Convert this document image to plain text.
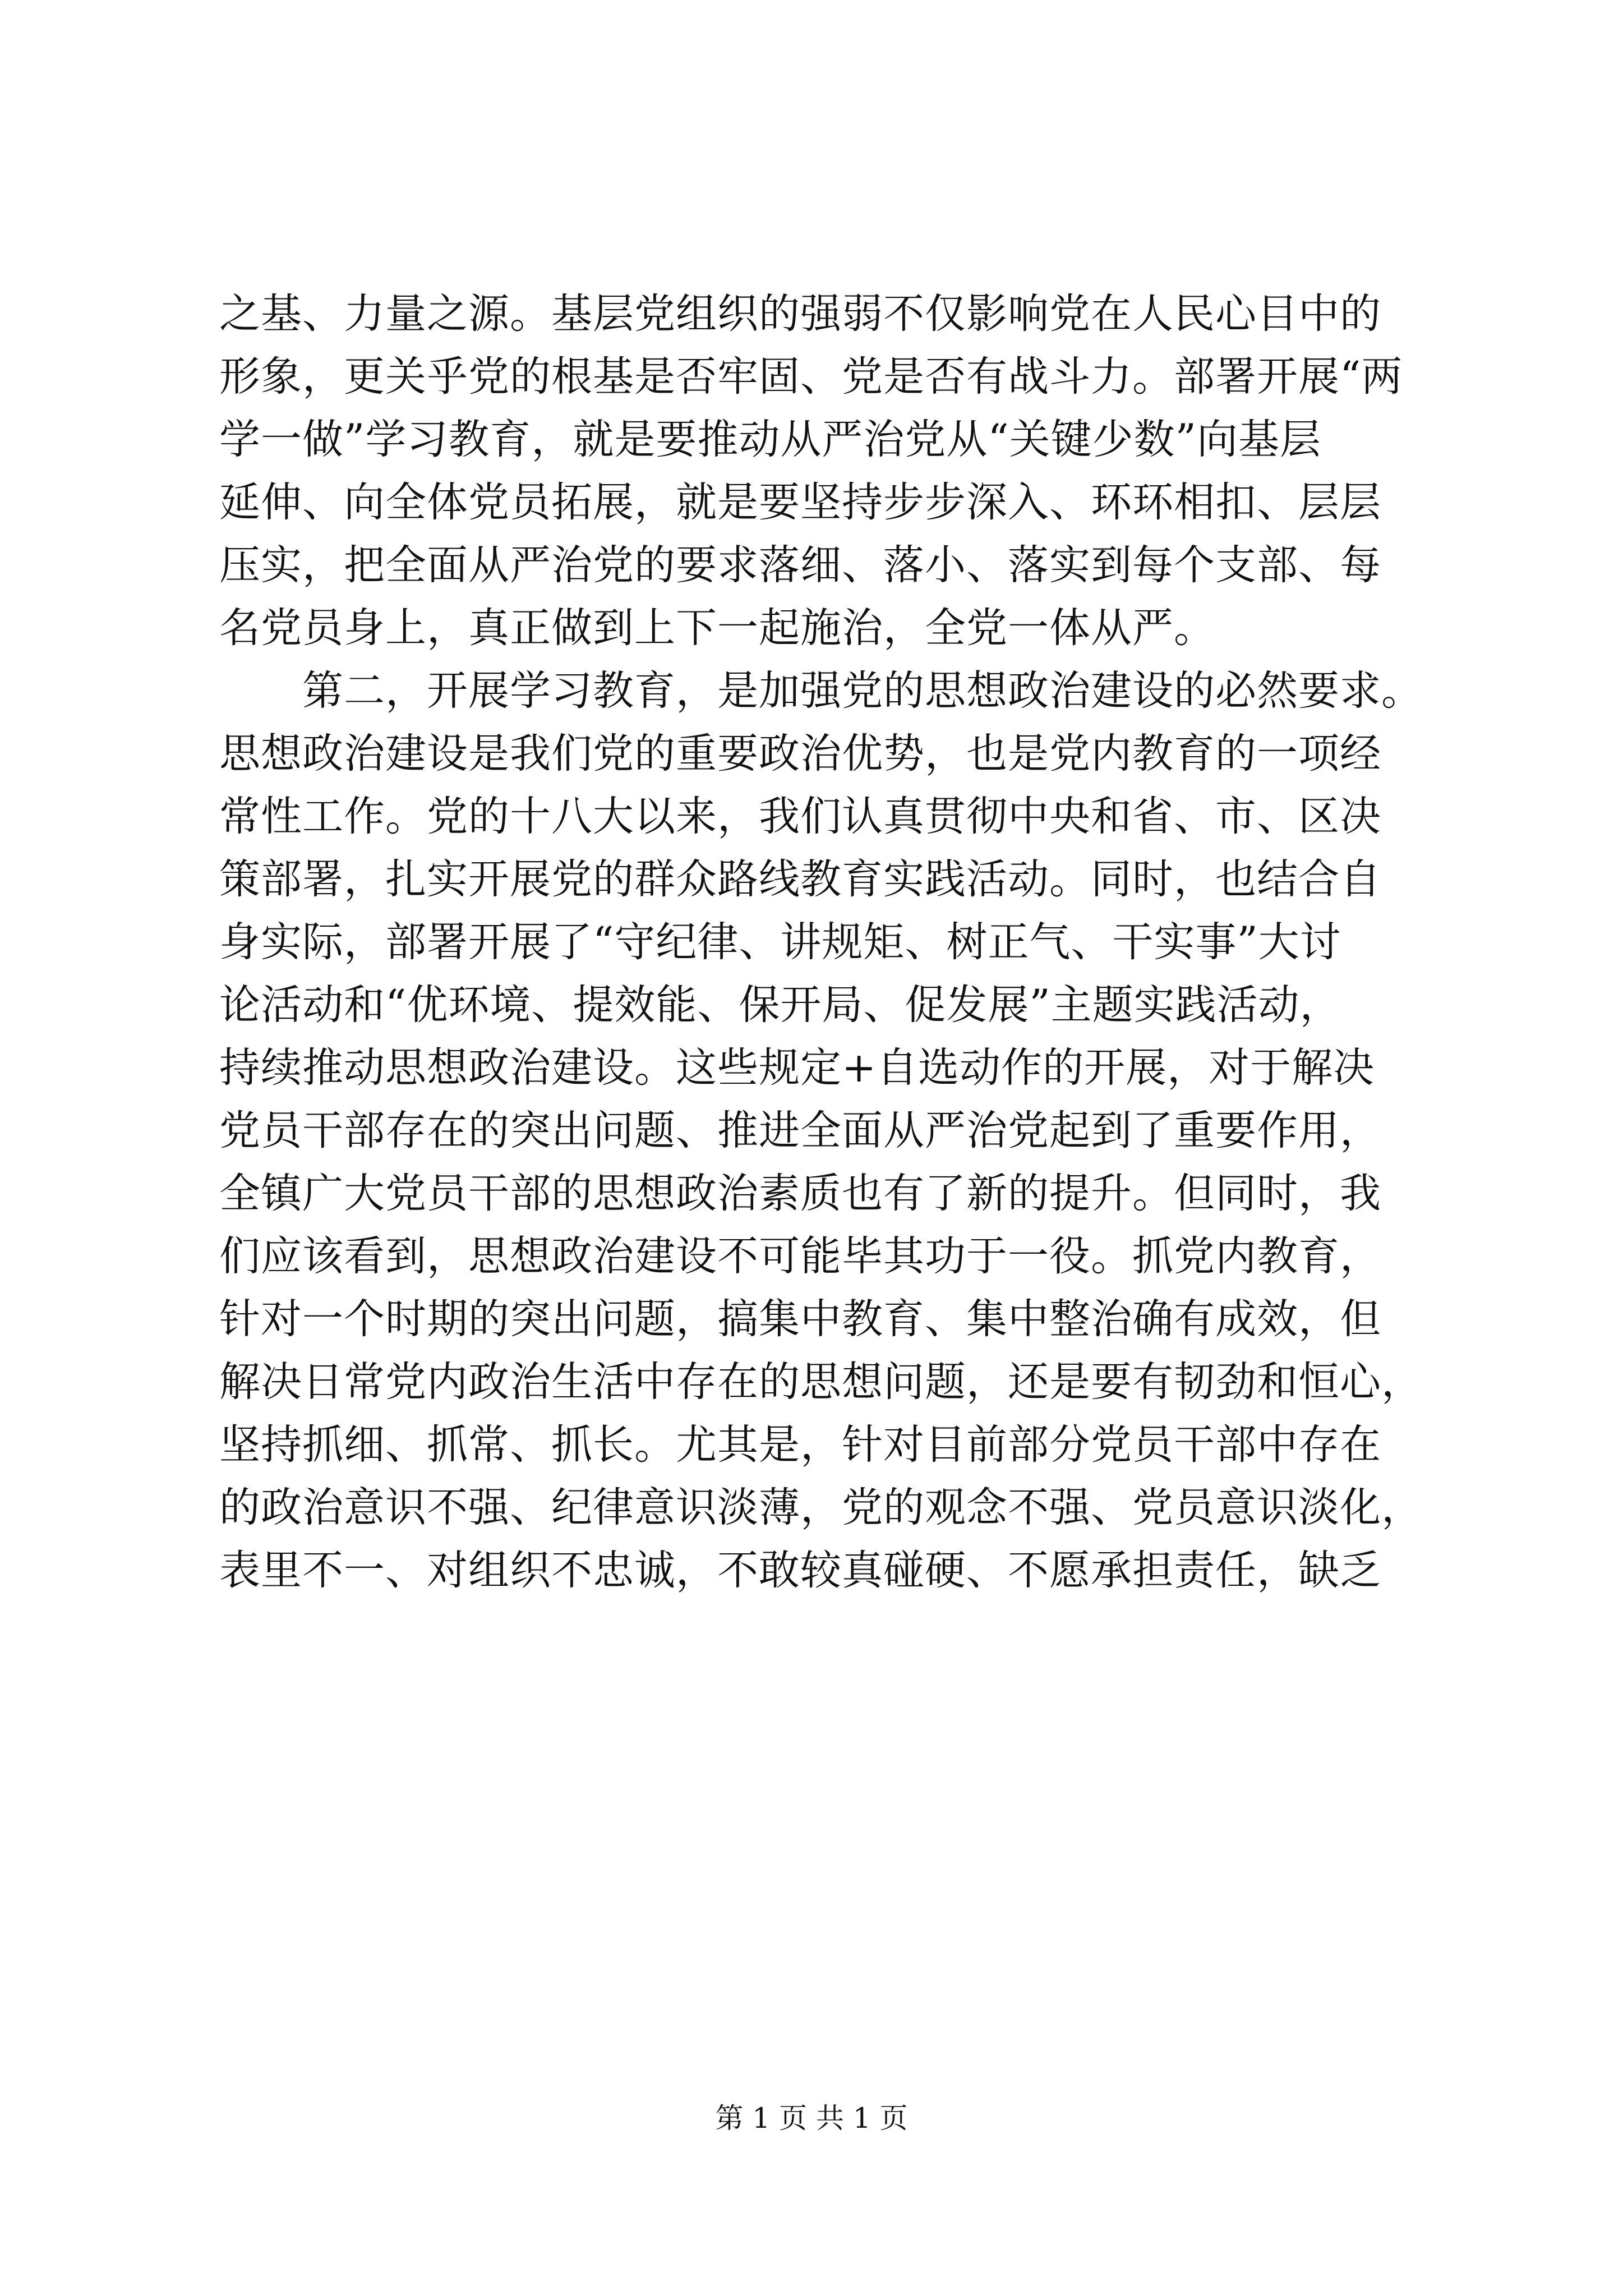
之基、力量之源。基层党组织的强弱不仅影响党在人民心目中的
形象，更关乎党的根基是否牢固、党是否有战斗力。部署开展“两
学一做”学习教育，就是要推动从严治党从“关键少数”向基层
延伸、向全体党员拓展，就是要坚持步步深入、环环相扣、层层
压实，把全面从严治党的要求落细、落小、落实到每个支部、每
名党员身上，真正做到上下一起施治，全党一体从严。
　　第二，开展学习教育，是加强党的思想政治建设的必然要求。
思想政治建设是我们党的重要政治优势，也是党内教育的一项经
常性工作。党的十八大以来，我们认真贯彻中央和省、市、区决
策部署，扎实开展党的群众路线教育实践活动。同时，也结合自
身实际，部署开展了“守纪律、讲规矩、树正气、干实事”大讨
论活动和“优环境、提效能、保开局、促发展”主题实践活动，
持续推动思想政治建设。这些规定+自选动作的开展，对于解决
党员干部存在的突出问题、推进全面从严治党起到了重要作用，
全镇广大党员干部的思想政治素质也有了新的提升。但同时，我
们应该看到，思想政治建设不可能毕其功于一役。抓党内教育，
针对一个时期的突出问题，搞集中教育、集中整治确有成效，但
解决日常党内政治生活中存在的思想问题，还是要有韧劲和恒心，
坚持抓细、抓常、抓长。尤其是，针对目前部分党员干部中存在
的政治意识不强、纪律意识淡薄，党的观念不强、党员意识淡化，
表里不一、对组织不忠诚，不敢较真碰硬、不愿承担责任，缺乏
第 1 页 共 1 页
